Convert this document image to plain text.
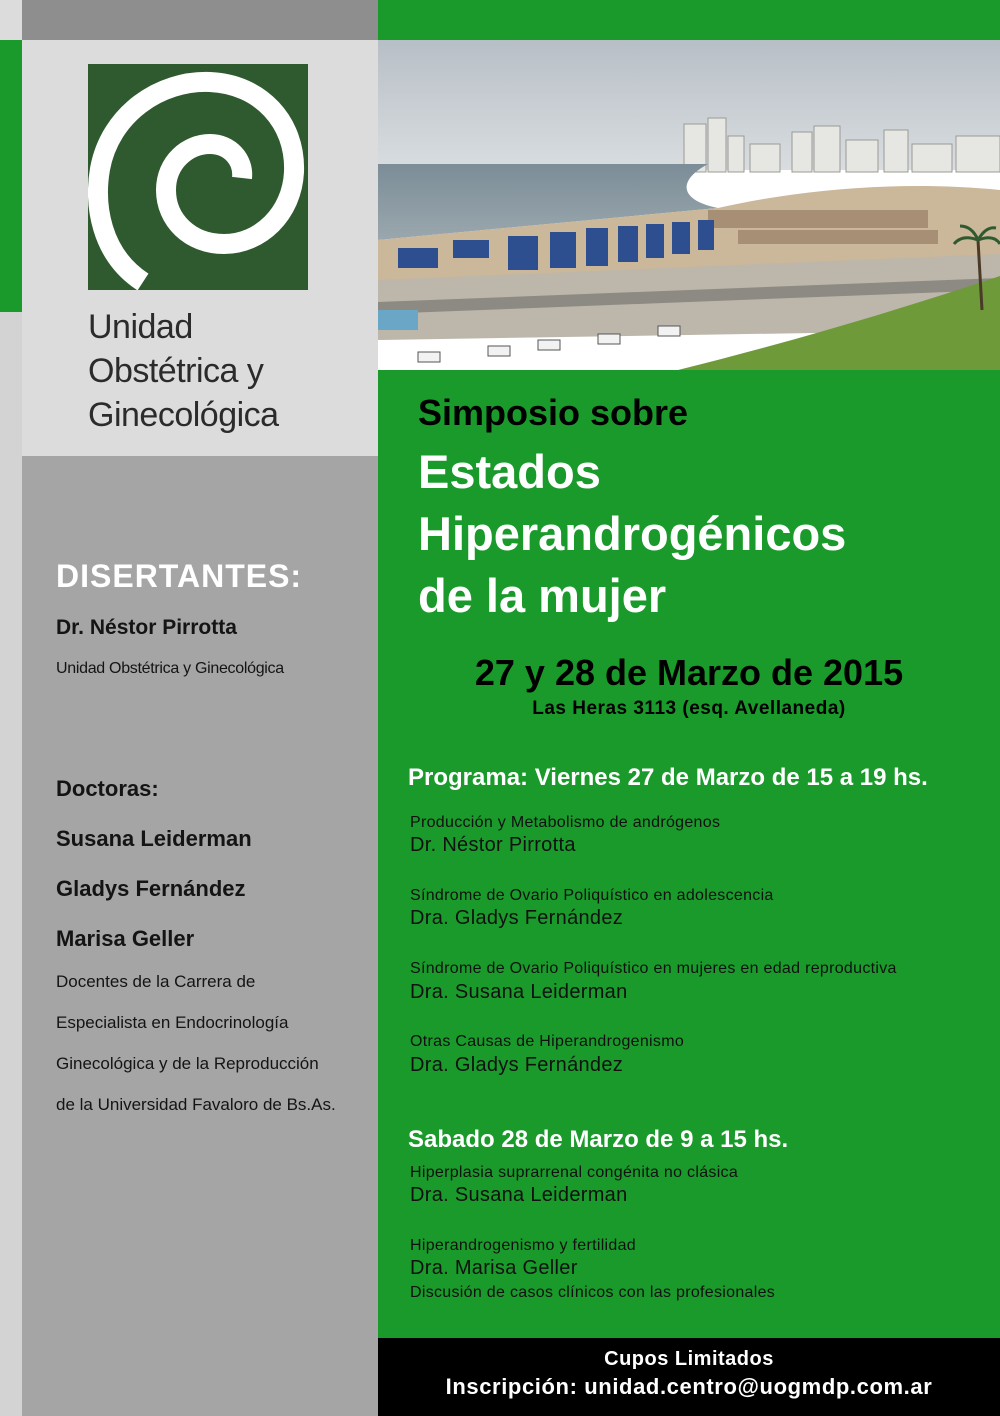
Unidad
Obstétrica y
Ginecológica
DISERTANTES:
Dr. Néstor Pirrotta
Unidad Obstétrica y Ginecológica
Doctoras:
Susana Leiderman
Gladys Fernández
Marisa Geller
Docentes de la Carrera de
Especialista en Endocrinología
Ginecológica y de la Reproducción
de la Universidad Favaloro de Bs.As.
Simposio sobre
Estados
Hiperandrogénicos
de la mujer
27 y 28 de Marzo de 2015
Las Heras 3113 (esq. Avellaneda)
Programa: Viernes 27 de Marzo de 15 a 19 hs.
Producción y Metabolismo de andrógenos
Dr. Néstor Pirrotta
Síndrome de Ovario Poliquístico en adolescencia
Dra. Gladys Fernández
Síndrome de Ovario Poliquístico en mujeres en edad reproductiva
Dra. Susana Leiderman
Otras Causas de Hiperandrogenismo
Dra. Gladys Fernández
Sabado 28 de Marzo de 9 a 15 hs.
Hiperplasia suprarrenal congénita no clásica
Dra. Susana Leiderman
Hiperandrogenismo y fertilidad
Dra. Marisa Geller
Discusión de casos clínicos con las profesionales
Cupos Limitados
Inscripción: unidad.centro@uogmdp.com.ar
